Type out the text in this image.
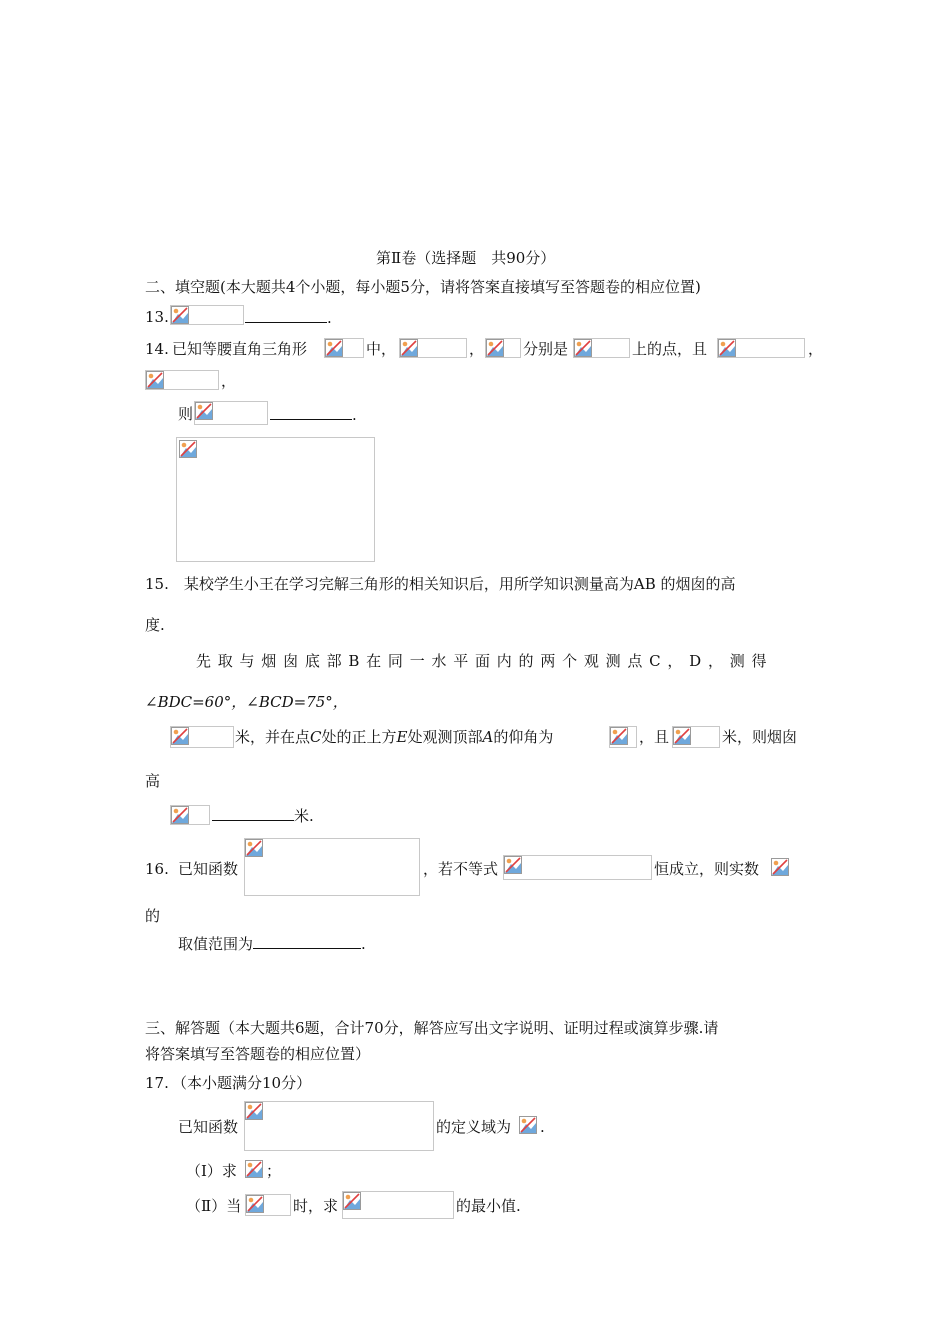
第Ⅱ卷（选择题　共90分）
二、填空题(本大题共4个小题，每小题5分，请将答案直接填写至答题卷的相应位置)
13.	.
14. 已知等腰直角三角形	中，	，	分别是	上的点，且	，
，
则	.
15.　某校学生小王在学习完解三角形的相关知识后，用所学知识测量高为AB 的烟囱的高
度.
先 取 与 烟 囱 底 部 B 在 同 一 水 平 面 内 的 两 个 观 测 点 C ， D ， 测 得
∠BDC=60°，∠BCD=75°，
米，并在点C处的正上方E处观测顶部A的仰角为	，且	米，则烟囱
高
米.
16. 已知函数	，若不等式	恒成立，则实数
的
取值范围为	.
三、解答题（本大题共6题，合计70分，解答应写出文字说明、证明过程或演算步骤.请
将答案填写至答题卷的相应位置）
17. （本小题满分10分）
已知函数	的定义域为 .
（Ⅰ）求 ；
（Ⅱ）当	时，求	的最小值.
